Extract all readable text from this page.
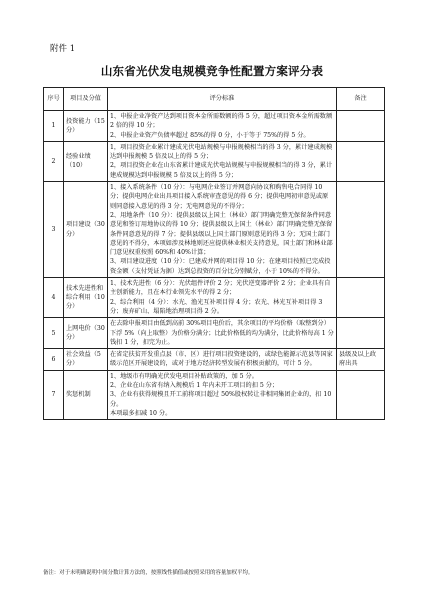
附件 1
山东省光伏发电规模竞争性配置方案评分表
序号	项目及分值	评分标准	备注
1	投资能力（15分）	1、申报企业净资产达到项目资本金所需数额的得 5 分，超过项目资本金所需数额 2 倍的得 10 分；

2、申报企业资产负债率超过 85%的得 0 分，小于等于 75%的得 5 分。	

2	经验业绩（10）	1，项目投资企业累计建成光伏电站规模与申报规模相当的得 3 分，累计建成规模达到申报规模 5 倍及以上的得 5 分；

2，项目投资企业在山东省累计建成光伏电站规模与申报规模相当的得 3 分，累计建成规模达到申报规模 5 倍及以上的得 5 分；	

3	项目建设（30分）	1、接入系统条件（10 分）：与电网企业签订并网意向协议和购售电合同得 10 分；提供电网企业出具项目接入系统审查意见的得 6 分；提供电网初审意见或原则同意接入意见的得 3 分；无电网意见的不得分；

2、用地条件（10 分）：提供县级以上国土（林业）部门明确完整无保留条件同意意见和签订用地协议的得 10 分；提供县级以上国土（林业）部门明确完整无保留条件同意意见的得 7 分；提供县级以上国土部门原则意见的得 3 分；无国土部门意见的不得分，本项如涉及林地则还应提供林业相关支持意见，国土部门和林业部门意见权重按照 60%和 40%计算；

3、项目建设进度（10 分）：已建成并网的项目得 10 分；在建项目按照已完成投资金额（支付凭证为据）达到总投资的百分比分别赋分，小于 10%的不得分。	

4	技术先进性和综合利用（10分）	1、技术先进性（6 分）：光伏组件评价 2 分；光伏逆变器评价 2 分；企业具有自主创新能力，且在本行业领先水平的得 2 分；

2、综合利用（4 分）：水光、渔光互补项目得 4 分；农光、林光互补项目得 3 分；废弃矿山、塌陷地治理项目得 2 分。	

5	上网电价（30分）	在去除申报项目由低到高前 30%项目电价后，其余项目的平均价格（取整到分）下浮 5%（向上取整）为价格分满分；比此价格低的均为满分，比此价格每高 1 分钱扣 1 分，扣完为止。	

6	社会效益（5分）	在省定扶贫开发重点县（市、区）进行项目投资建设的，或绿色能源示范县等国家级示范区开展建设的，或对于地方经济转型发展有积极贡献的，可计 5 分。	县级及以上政府出具
7	奖惩机制	1、地级市有明确光伏发电项目补贴政策的，加 5 分。

2、企业在山东省有纳入规模后 1 年内未开工项目的扣 5 分；

3、企业有获得规模且开工前将项目超过 50%股权转让非相同集团企业的，扣 10 分。

本项最多扣减 10 分。	

备注：对于未明确说明中间分数计算方法的，按照线性插值或按照采用的容量加权平均。
